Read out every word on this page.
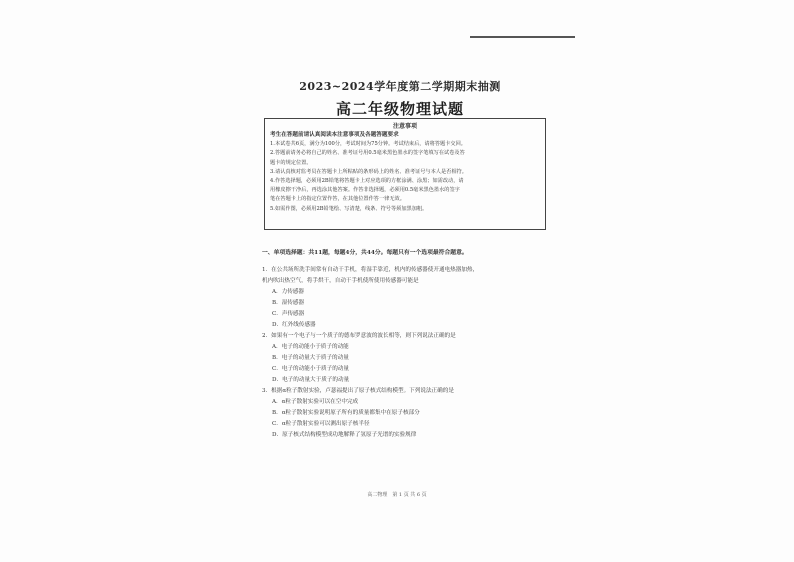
2023~2024学年度第二学期期末抽测
高二年级物理试题
注意事项

考生在答题前请认真阅读本注意事项及各题答题要求

1.本试卷共6页，满分为100分，考试时间为75分钟。考试结束后，请将答题卡交回。

2.答题前请务必将自己的姓名、准考证号用0.5毫米黑色墨水的签字笔填写在试卷及答

题卡的规定位置。

3.请认真核对监考员在答题卡上所粘贴的条形码上的姓名、准考证号与本人是否相符。

4.作答选择题，必须用2B铅笔将答题卡上对应选项的方框涂满、涂黑；如需改动，请

用橡皮擦干净后，再选涂其他答案。作答非选择题，必须用0.5毫米黑色墨水的签字

笔在答题卡上的指定位置作答，在其他位置作答一律无效。

5.如需作图，必须用2B铅笔绘、写清楚，线条、符号等须加黑加粗。

一、单项选择题：共11题，每题4分，共44分。每题只有一个选项最符合题意。

1．在公共场所洗手间常有自动干手机，将湿手靠近，机内的传感器使开通电热器加热，

机内吹出热空气，将手烘干，自动干手机使所使用传感器可能是

A．力传感器

B．湿传感器

C．声传感器

D．红外线传感器

2．如果有一个电子与一个质子的德布罗意波的波长相等，则下列说法正确的是

A．电子的动能小于质子的动能

B．电子的动量大于质子的动量

C．电子的动能小于质子的动量

D．电子的动量大于质子的动量

3．根据α粒子散射实验，卢瑟福提出了原子核式结构模型。下列说法正确的是

A．α粒子散射实验可以在空中完成

B．α粒子散射实验说明原子所有的质量都集中在原子核部分

C．α粒子散射实验可以测出原子核半径

D．原子核式结构模型成功地解释了氢原子光谱的实验规律

高二物理　第 1 页 共 6 页
